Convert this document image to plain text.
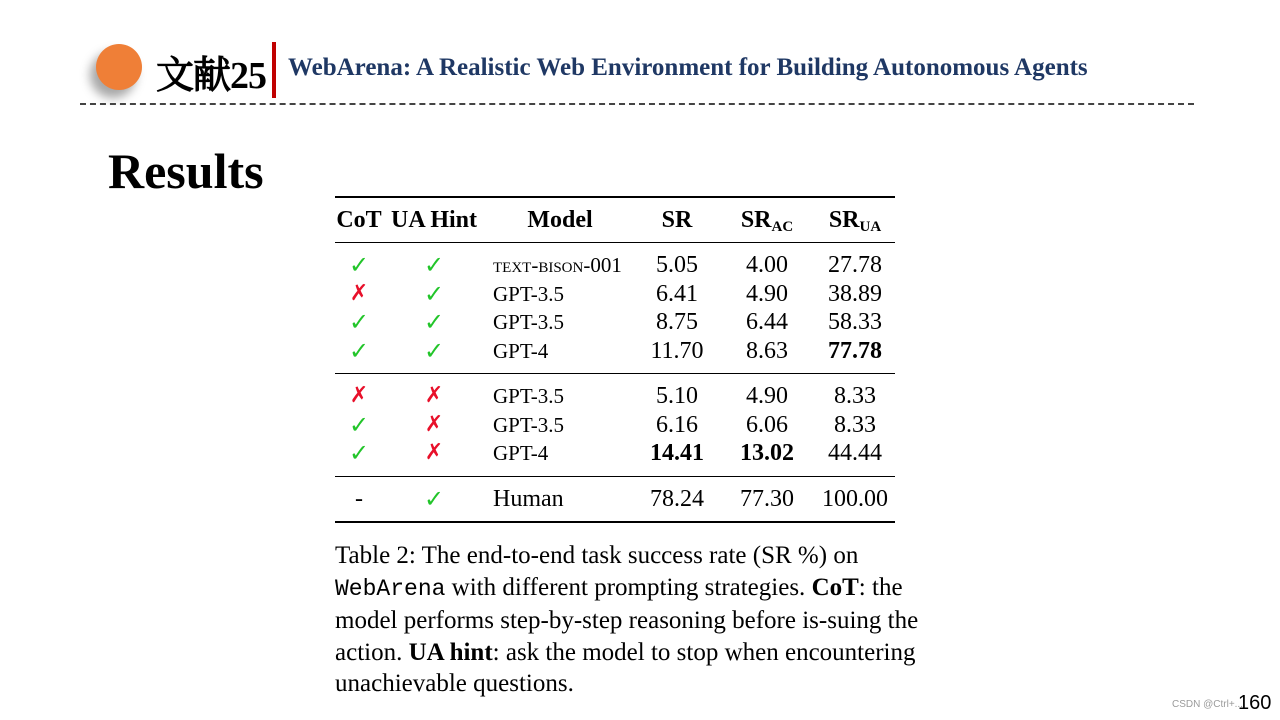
文献25 WebArena: A Realistic Web Environment for Building Autonomous Agents
Results
CoT	UA Hint	Model	SR	$SR_{AC}$	$SR_{UA}$
✓	✓	text-bison-001	5.05	4.00	27.78
✗	✓	GPT-3.5	6.41	4.90	38.89
✓	✓	GPT-3.5	8.75	6.44	58.33
✓	✓	GPT-4	11.70	8.63	77.78
✗	✗	GPT-3.5	5.10	4.90	8.33
✓	✗	GPT-3.5	6.16	6.06	8.33
✓	✗	GPT-4	14.41	13.02	44.44
-	✓	Human	78.24	77.30	100.00
Table 2: The end-to-end task success rate (SR %) on WebArena with different prompting strategies. CoT: the model performs step-by-step reasoning before is-suing the action. UA hint: ask the model to stop when encountering unachievable questions.
CSDN @Ctrl+...
160
